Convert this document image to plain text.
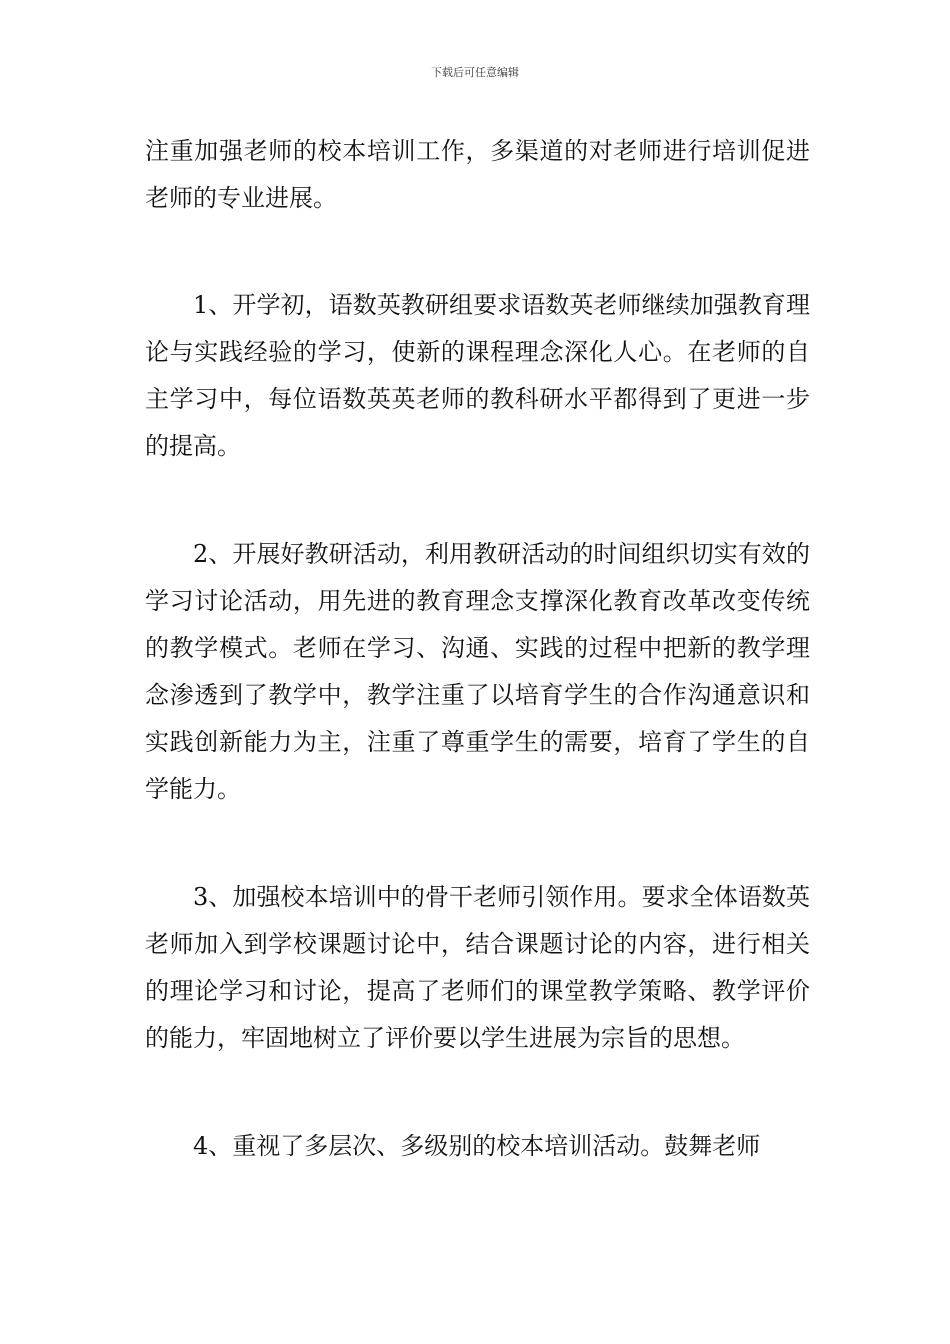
下载后可任意编辑

注重加强老师的校本培训工作，多渠道的对老师进行培训促进老师的专业进展。

1、开学初，语数英教研组要求语数英老师继续加强教育理论与实践经验的学习，使新的课程理念深化人心。在老师的自主学习中，每位语数英英老师的教科研水平都得到了更进一步的提高。

2、开展好教研活动，利用教研活动的时间组织切实有效的学习讨论活动，用先进的教育理念支撑深化教育改革改变传统的教学模式。老师在学习、沟通、实践的过程中把新的教学理念渗透到了教学中，教学注重了以培育学生的合作沟通意识和实践创新能力为主，注重了尊重学生的需要，培育了学生的自学能力。

3、加强校本培训中的骨干老师引领作用。要求全体语数英老师加入到学校课题讨论中，结合课题讨论的内容，进行相关的理论学习和讨论，提高了老师们的课堂教学策略、教学评价的能力，牢固地树立了评价要以学生进展为宗旨的思想。

4、重视了多层次、多级别的校本培训活动。鼓舞老师
